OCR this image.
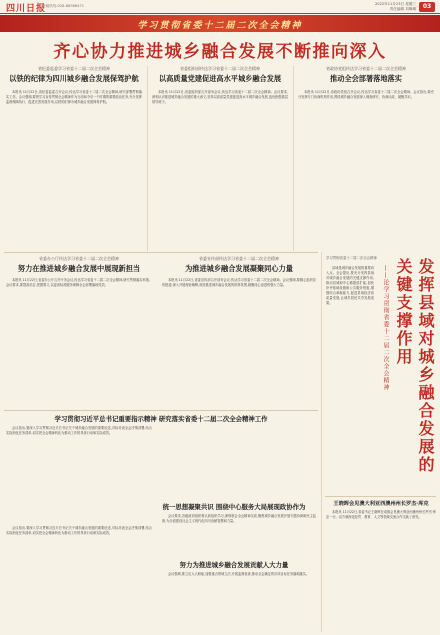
四川日报
投稿热线:028-86968471	2022年11月23日 星期三
责任编辑 刘琳琳	03
学习贯彻省委十二届二次全会精神
齐心协力推进城乡融合发展不断推向深入
省纪委监委学习省委十二届二次全会精神
以铁的纪律为四川城乡融合发展保驾护航

本报讯 11月22日,省纪委监委召开会议,传达学习省委十二届二次全会精神,研究部署贯彻落实工作。会议强调,要把学习宣传贯彻全会精神作为当前和今后一个时期的重要政治任务,充分发挥监督保障执行、促进完善发展作用,以铁的纪律为城乡融合发展保驾护航。

省委组织部传达学习省委十二届二次全会精神
以高质量党建促进高水平城乡融合发展

本报讯 11月22日,省委组织部召开部务会议,传达学习省委十二届二次全会精神。会议要求,深刻认识推进城乡融合发展的重大意义,坚持以高质量党建促进高水平城乡融合发展,选优配强基层领导班子。

省政协党组传达学习省委十二届二次全会精神
推动全会部署落地落实

本报讯 11月22日,省政协党组召开会议,传达学习省委十二届二次全会精神。会议指出,要充分发挥专门协商机构作用,围绕城乡融合发展深入调查研究、协商议政、凝聚共识。

省委办公厅传达学习省委十二届二次全会精神
努力在推进城乡融合发展中展现新担当

本报讯 11月22日,省委办公厅召开厅务会议,传达学习省委十二届二次全会精神,研究贯彻落实举措。会议要求,要提高站位,把握要义,以更高标准服务保障全会部署落地见效。

省委宣传部传达学习省委十二届二次全会精神
为推进城乡融合发展凝聚同心力量

本报讯 11月22日,省委宣传部召开部务会议,传达学习省委十二届二次全会精神。会议强调,要精心组织宣传报道,深入开展理论阐释,营造推进城乡融合发展的浓厚氛围,凝聚同心奋进的强大力量。

学习贯彻习近平总书记重要指示精神 研究落实省委十二届二次全会精神工作

会议指出,要深入学习贯彻习近平总书记关于城乡融合发展的重要论述,对标对表全会决策部署,结合实际细化任务清单,切实把全会精神转化为推动工作的具体行动和实际成效。

统一思想凝聚共识 围绕中心服务大局展现政协作为

会议要求,各级政协组织要认真组织学习,深刻领会全会精神实质,聚焦城乡融合发展开展专题协商和民主监督,为全面建设社会主义现代化四川贡献智慧和力量。

努力为推进城乡融合发展贡献人大力量

会议强调,要立足人大职能,加强重点领域立法,开展监督检查,推动全会确定的各项目标任务落地落实。

会议指出,要深入学习贯彻习近平总书记关于城乡融合发展的重要论述,对标对表全会决策部署,结合实际细化任务清单,切实把全会精神转化为推动工作的具体行动和实际成效。

学习贯彻省委十二届二次全会精神	发挥县域对城乡融合发展的关键支撑作用
——论学习贯彻省委十二届二次全会精神

县域是城乡融合发展的重要切入点。全会提出,要充分发挥县域对城乡融合发展的关键支撑作用,推动县城和中心镇提质扩能,加快补齐基础设施和公共服务短板,增强综合承载能力,促进县域经济高质量发展,让城乡居民共享发展成果。

王晓晖会见澳大利亚西澳州州长罗杰·库克

本报讯 11月22日,省委书记王晓晖在成都会见澳大利亚西澳州州长罗杰·库克一行。双方就深化经贸、教育、人文等领域交流合作交换了意见。
